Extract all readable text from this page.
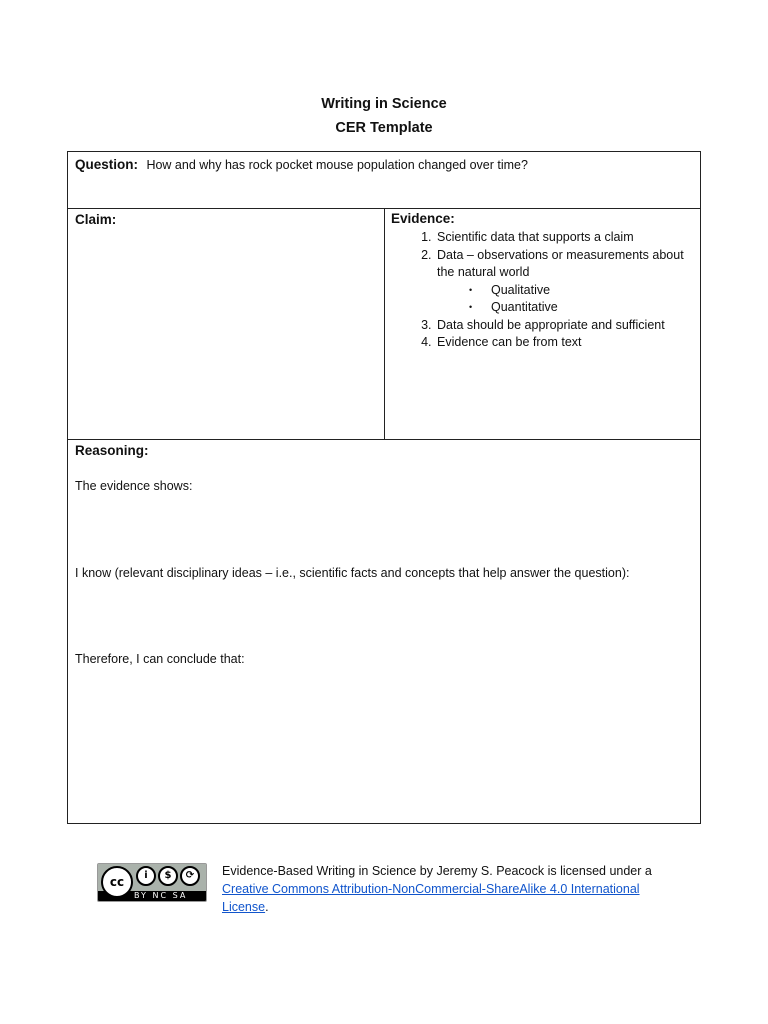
Writing in Science
CER Template
Question: How and why has rock pocket mouse population changed over time?
Claim:	Evidence:
1. Scientific data that supports a claim
2. Data – observations or measurements about the natural world
• Qualitative
• Quantitative
3. Data should be appropriate and sufficient
4. Evidence can be from text
Reasoning:
The evidence shows:
I know (relevant disciplinary ideas – i.e., scientific facts and concepts that help answer the question):
Therefore, I can conclude that:
cc	i	$	⟳
BY NC SA
Evidence-Based Writing in Science by Jeremy S. Peacock is licensed under a Creative Commons Attribution-NonCommercial-ShareAlike 4.0 International License.
